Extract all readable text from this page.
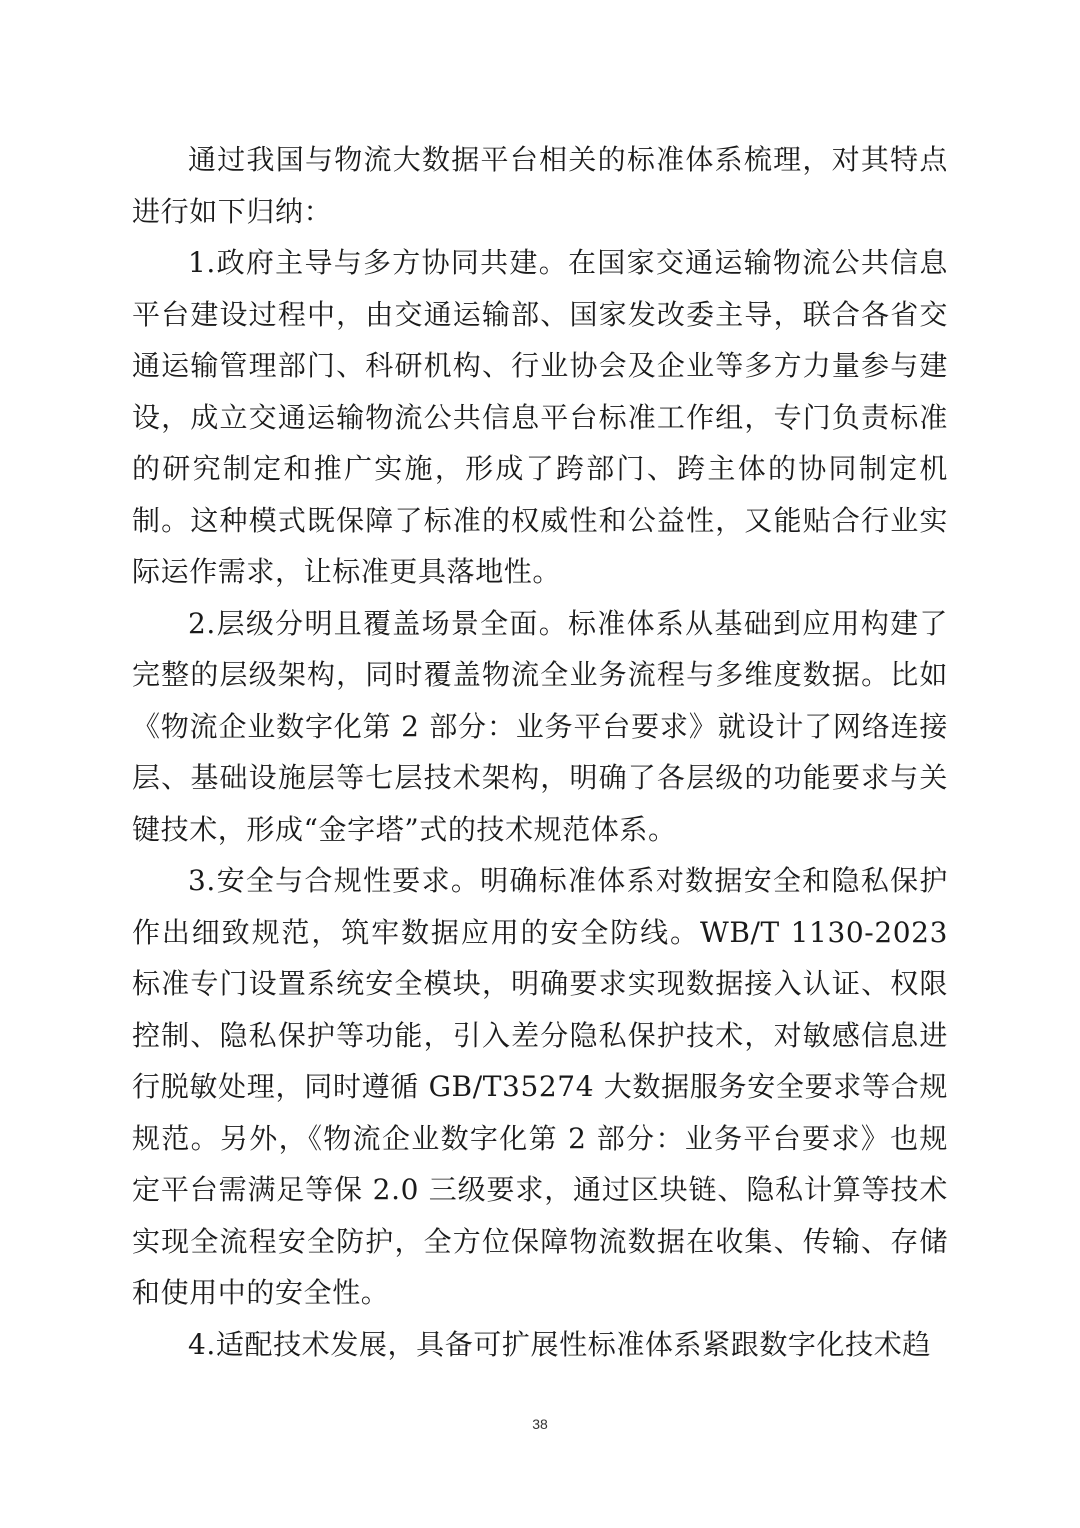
通过我国与物流大数据平台相关的标准体系梳理，对其特点进行如下归纳：

1.政府主导与多方协同共建。在国家交通运输物流公共信息平台建设过程中，由交通运输部、国家发改委主导，联合各省交通运输管理部门、科研机构、行业协会及企业等多方力量参与建设，成立交通运输物流公共信息平台标准工作组，专门负责标准的研究制定和推广实施，形成了跨部门、跨主体的协同制定机制。这种模式既保障了标准的权威性和公益性，又能贴合行业实际运作需求，让标准更具落地性。

2.层级分明且覆盖场景全面。标准体系从基础到应用构建了完整的层级架构，同时覆盖物流全业务流程与多维度数据。比如《物流企业数字化第 2 部分：业务平台要求》就设计了网络连接层、基础设施层等七层技术架构，明确了各层级的功能要求与关键技术，形成“金字塔”式的技术规范体系。

3.安全与合规性要求。明确标准体系对数据安全和隐私保护作出细致规范，筑牢数据应用的安全防线。WB/T 1130-2023 标准专门设置系统安全模块，明确要求实现数据接入认证、权限控制、隐私保护等功能，引入差分隐私保护技术，对敏感信息进行脱敏处理，同时遵循 GB/T35274 大数据服务安全要求等合规规范。另外，《物流企业数字化第 2 部分：业务平台要求》也规定平台需满足等保 2.0 三级要求，通过区块链、隐私计算等技术实现全流程安全防护，全方位保障物流数据在收集、传输、存储和使用中的安全性。

4.适配技术发展，具备可扩展性标准体系紧跟数字化技术趋

38
